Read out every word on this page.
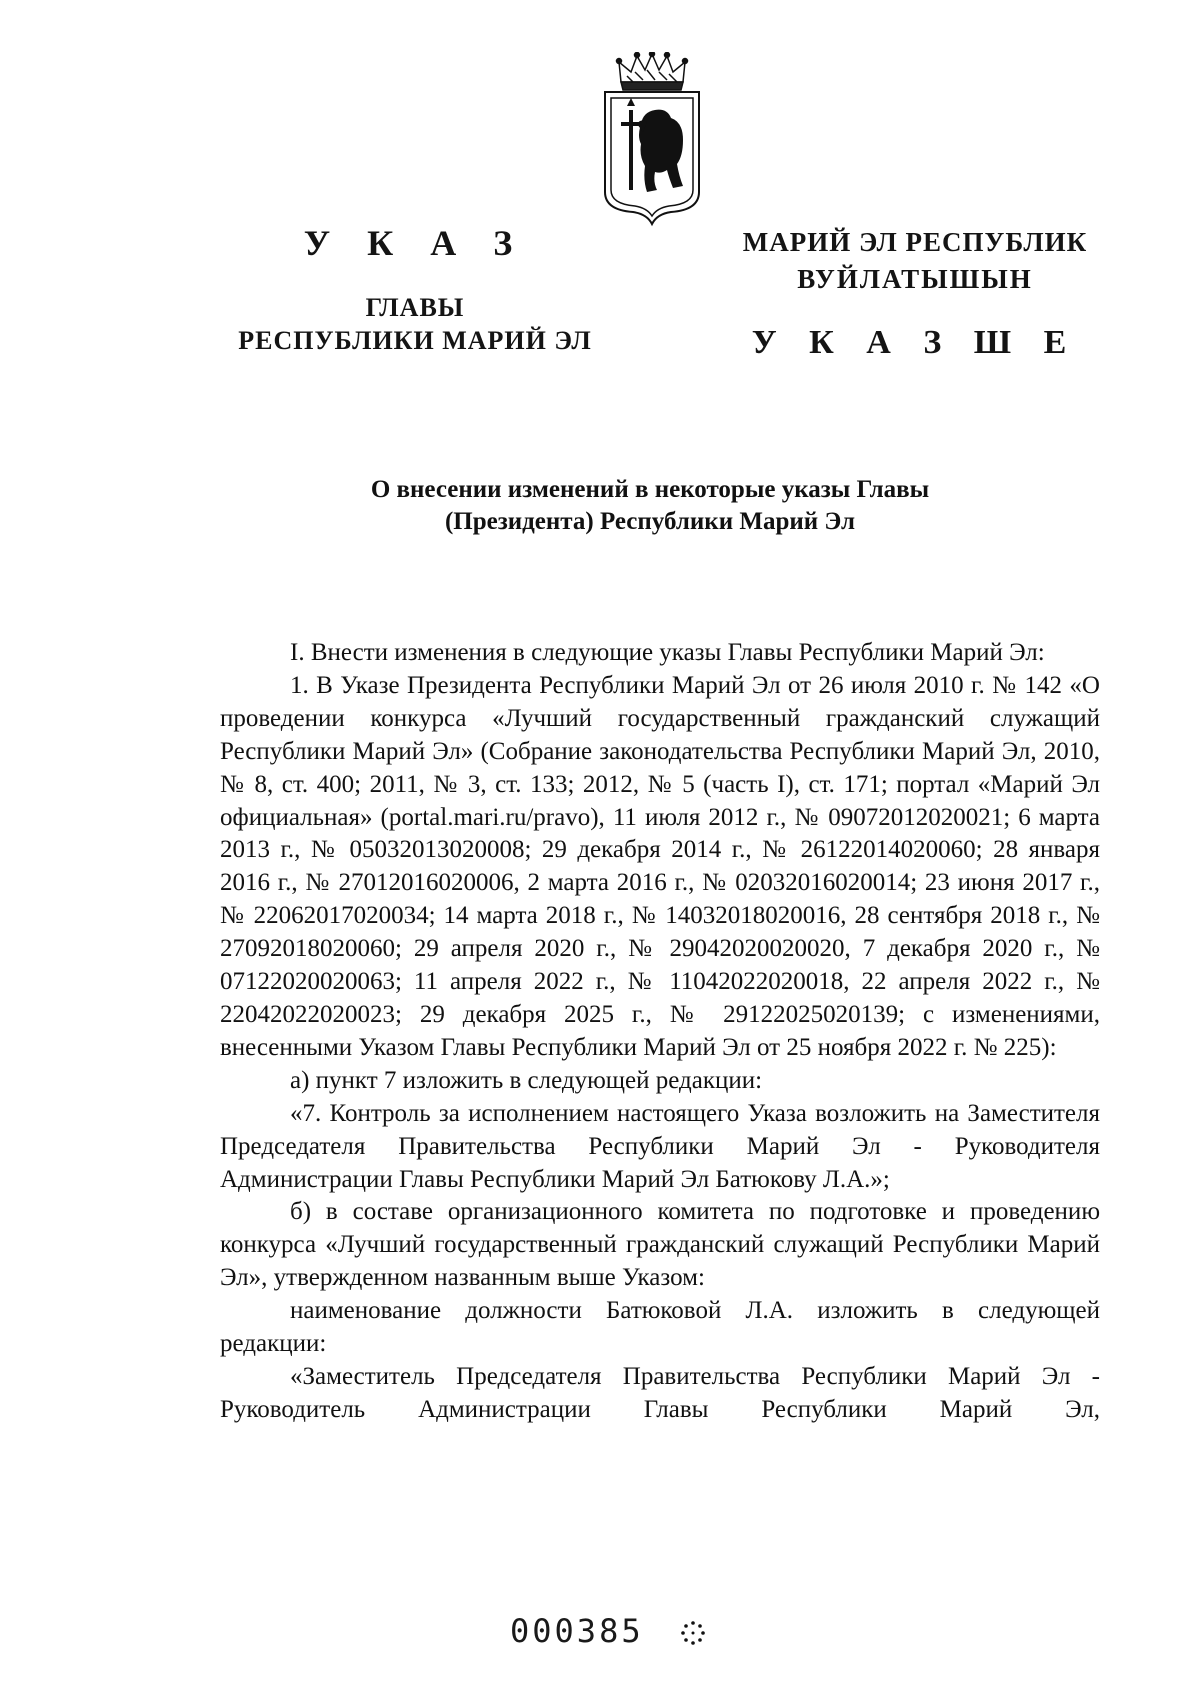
У К А З
ГЛАВЫ
РЕСПУБЛИКИ МАРИЙ ЭЛ
МАРИЙ ЭЛ РЕСПУБЛИК
ВУЙЛАТЫШЫН
У К А З Ш Е
О внесении изменений в некоторые указы Главы
(Президента) Республики Марий Эл

I. Внести изменения в следующие указы Главы Республики Марий Эл:

1. В Указе Президента Республики Марий Эл от 26 июля 2010 г. № 142 «О проведении конкурса «Лучший государственный гражданский служащий Республики Марий Эл» (Собрание законодательства Республики Марий Эл, 2010, № 8, ст. 400; 2011, № 3, ст. 133; 2012, № 5 (часть I), ст. 171; портал «Марий Эл официальная» (portal.mari.ru/pravo), 11 июля 2012 г., № 09072012020021; 6 марта 2013 г., № 05032013020008; 29 декабря 2014 г., № 26122014020060; 28 января 2016 г., № 27012016020006, 2 марта 2016 г., № 02032016020014; 23 июня 2017 г., № 22062017020034; 14 марта 2018 г., № 14032018020016, 28 сентября 2018 г., № 27092018020060; 29 апреля 2020 г., № 29042020020020, 7 декабря 2020 г., № 07122020020063; 11 апреля 2022 г., № 11042022020018, 22 апреля 2022 г., № 22042022020023; 29 декабря 2025 г., № 29122025020139; с изменениями, внесенными Указом Главы Республики Марий Эл от 25 ноября 2022 г. № 225):

а) пункт 7 изложить в следующей редакции:

«7. Контроль за исполнением настоящего Указа возложить на Заместителя Председателя Правительства Республики Марий Эл - Руководителя Администрации Главы Республики Марий Эл Батюкову Л.А.»;

б) в составе организационного комитета по подготовке и проведению конкурса «Лучший государственный гражданский служащий Республики Марий Эл», утвержденном названным выше Указом:

наименование должности Батюковой Л.А. изложить в следующей редакции:

«Заместитель Председателя Правительства Республики Марий Эл - Руководитель Администрации Главы Республики Марий Эл,

000385
